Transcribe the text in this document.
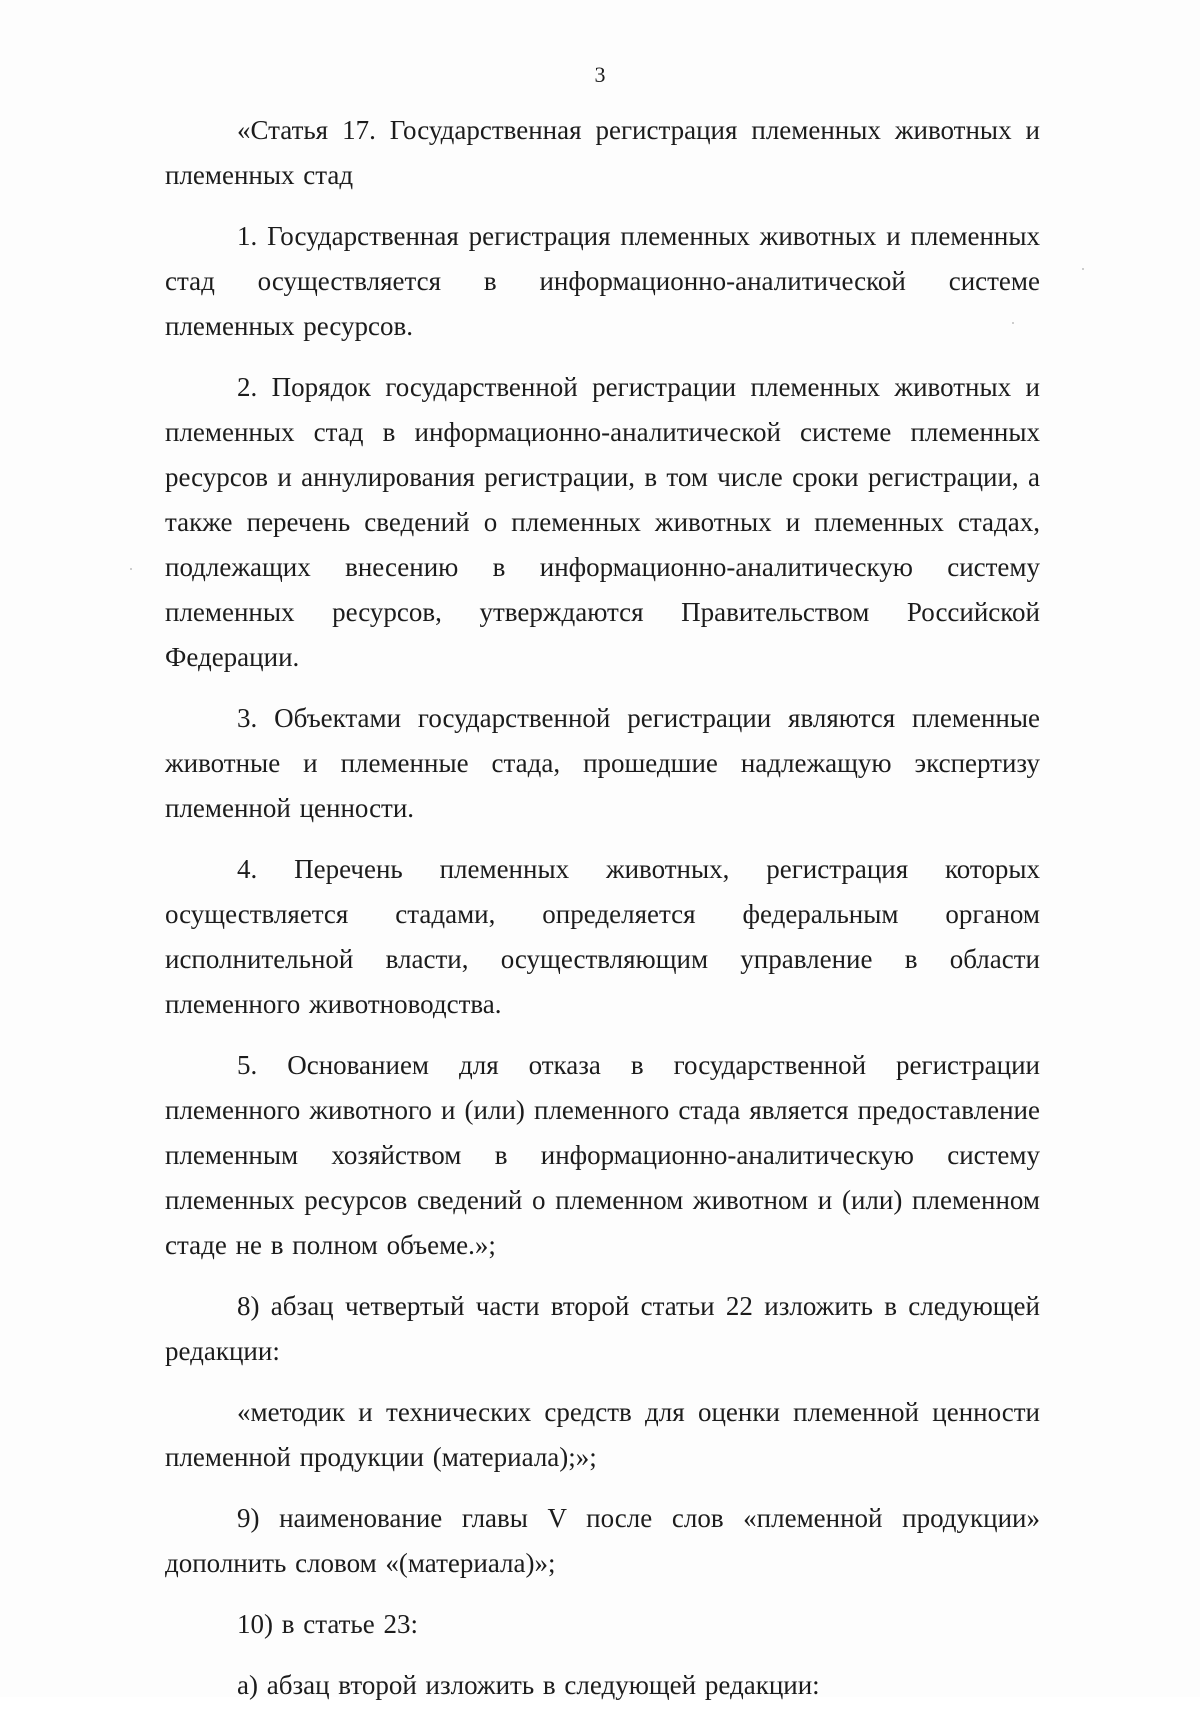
3

«Статья 17. Государственная регистрация племенных животных и племенных стад

1. Государственная регистрация племенных животных и племенных стад осуществляется в информационно-аналитической системе племенных ресурсов.

2. Порядок государственной регистрации племенных животных и племенных стад в информационно-аналитической системе племенных ресурсов и аннулирования регистрации, в том числе сроки регистрации, а также перечень сведений о племенных животных и племенных стадах, подлежащих внесению в информационно-аналитическую систему племенных ресурсов, утверждаются Правительством Российской Федерации.

3. Объектами государственной регистрации являются племенные животные и племенные стада, прошедшие надлежащую экспертизу племенной ценности.

4. Перечень племенных животных, регистрация которых осуществляется стадами, определяется федеральным органом исполнительной власти, осуществляющим управление в области племенного животноводства.

5. Основанием для отказа в государственной регистрации племенного животного и (или) племенного стада является предоставление племенным хозяйством в информационно-аналитическую систему племенных ресурсов сведений о племенном животном и (или) племенном стаде не в полном объеме.»;

8) абзац четвертый части второй статьи 22 изложить в следующей редакции:

«методик и технических средств для оценки племенной ценности племенной продукции (материала);»;

9) наименование главы V после слов «племенной продукции» дополнить словом «(материала)»;

10) в статье 23:

а) абзац второй изложить в следующей редакции:
